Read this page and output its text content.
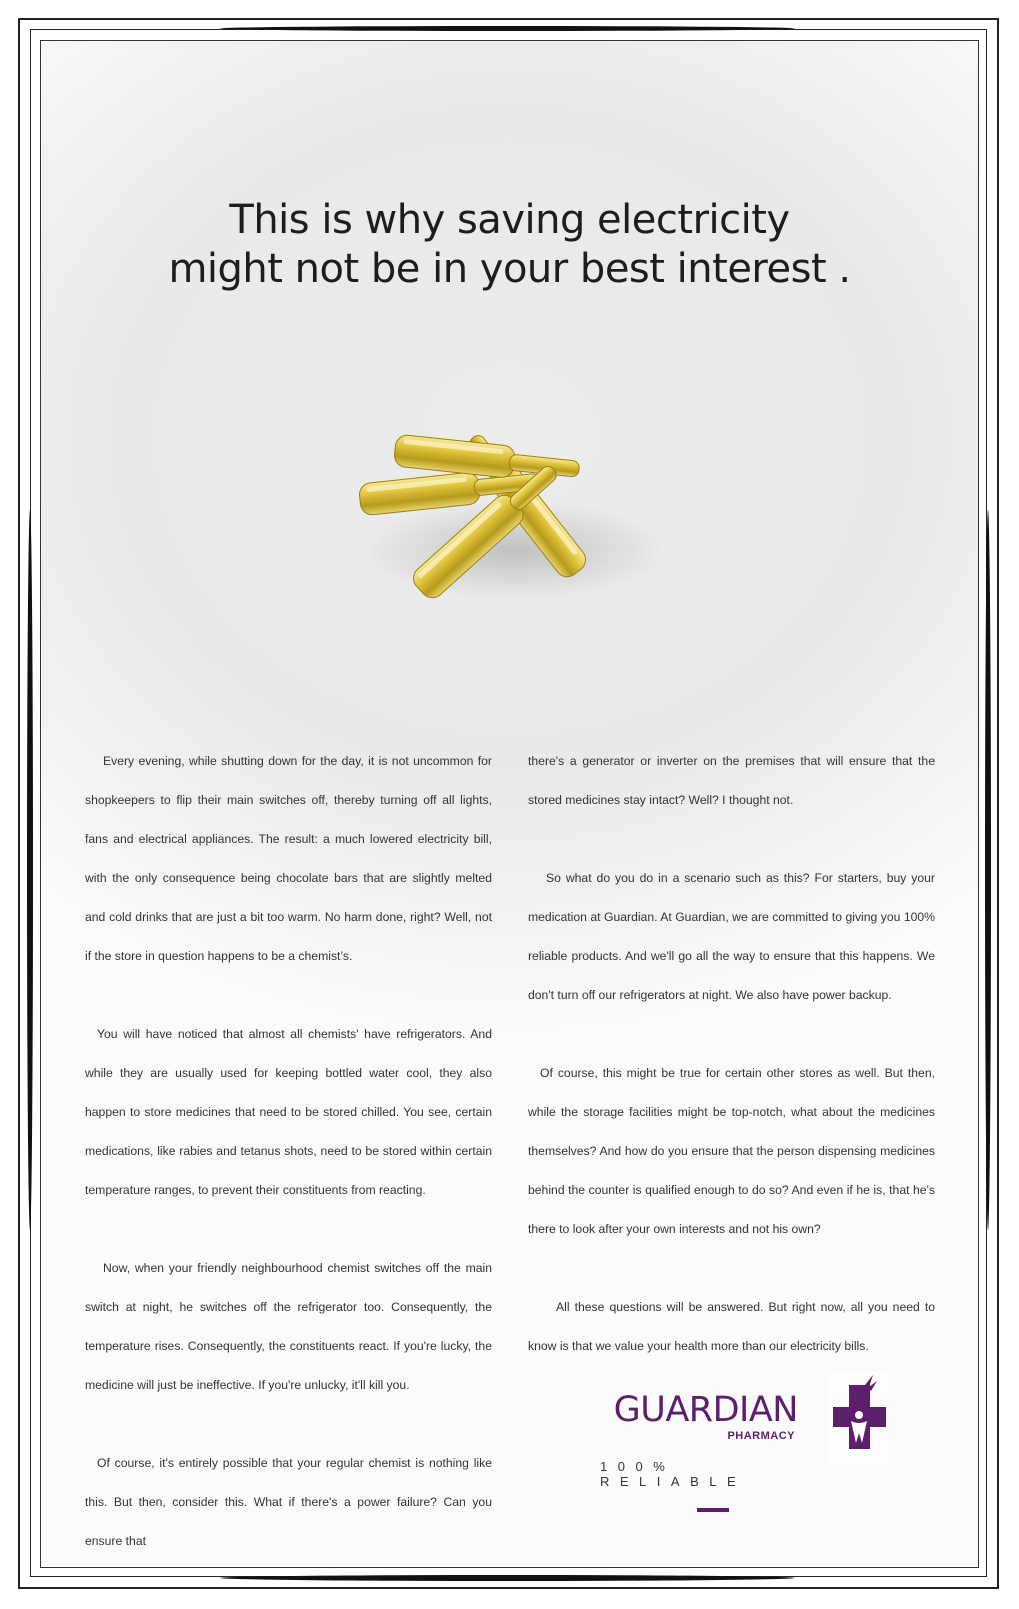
This is why saving electricity
might not be in your best interest .

Every evening, while shutting down for the day, it is not uncommon for shopkeepers to flip their main switches off, thereby turning off all lights, fans and electrical appliances. The result: a much lowered electricity bill, with the only consequence being chocolate bars that are slightly melted and cold drinks that are just a bit too warm. No harm done, right? Well, not if the store in question happens to be a chemist’s.

You will have noticed that almost all chemists' have refrigerators. And while they are usually used for keeping bottled water cool, they also happen to store medicines that need to be stored chilled. You see, certain medications, like rabies and tetanus shots, need to be stored within certain temperature ranges, to prevent their constituents from reacting.

Now, when your friendly neighbourhood chemist switches off the main switch at night, he switches off the refrigerator too. Consequently, the temperature rises. Consequently, the constituents react. If you're lucky, the medicine will just be ineffective. If you're unlucky, it'll kill you.

Of course, it's entirely possible that your regular chemist is nothing like this. But then, consider this. What if there's a power failure? Can you ensure that

there's a generator or inverter on the premises that will ensure that the stored medicines stay intact? Well? I thought not.

So what do you do in a scenario such as this? For starters, buy your medication at Guardian. At Guardian, we are committed to giving you 100% reliable products. And we'll go all the way to ensure that this happens. We don't turn off our refrigerators at night. We also have power backup.

Of course, this might be true for certain other stores as well. But then, while the storage facilities might be top-notch, what about the medicines themselves? And how do you ensure that the person dispensing medicines behind the counter is qualified enough to do so? And even if he is, that he's there to look after your own interests and not his own?

All these questions will be answered. But right now, all you need to know is that we value your health more than our electricity bills.

GUARDIAN
PHARMACY
100% RELIABLE
